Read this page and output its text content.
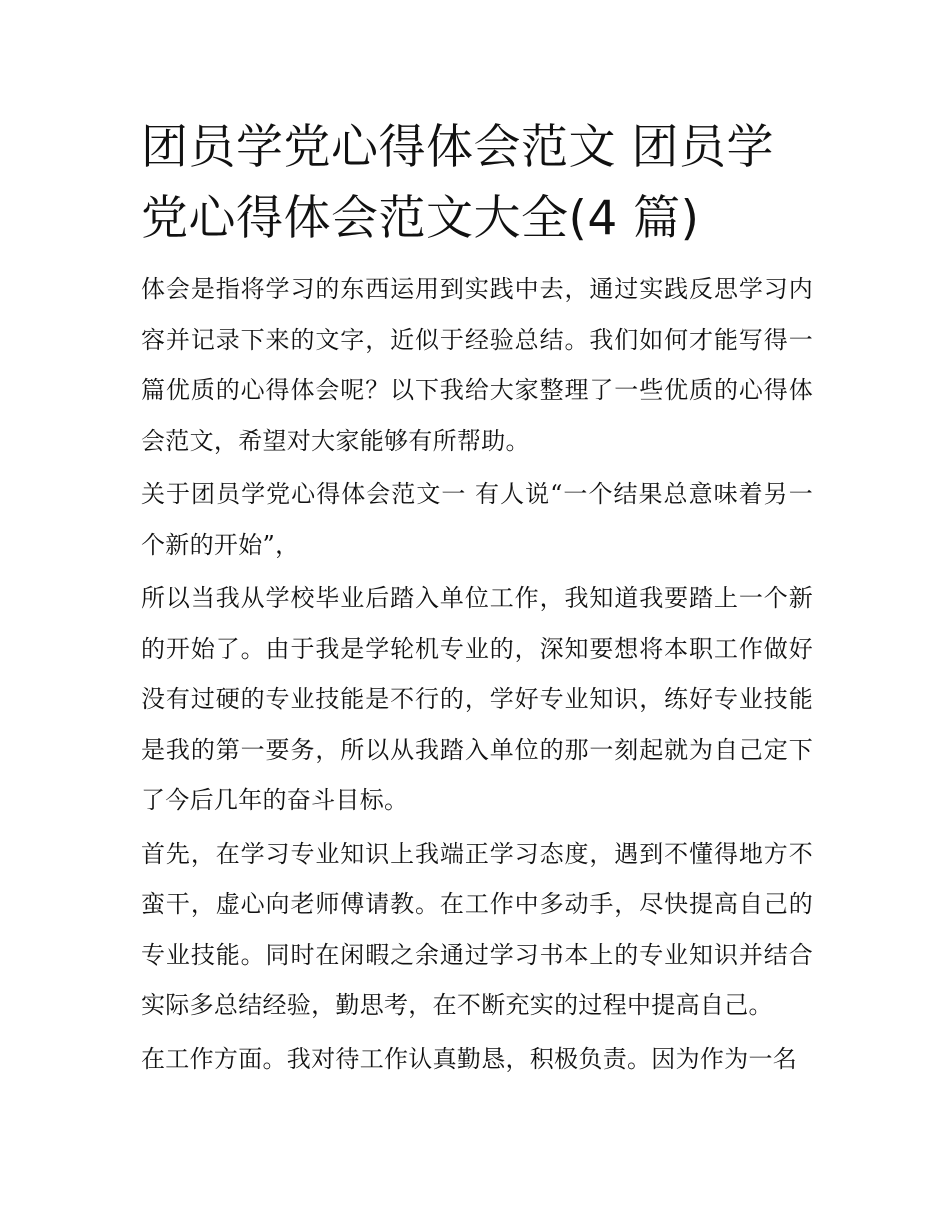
团员学党心得体会范文 团员学党心得体会范文大全(4 篇)

体会是指将学习的东西运用到实践中去，通过实践反思学习内容并记录下来的文字，近似于经验总结。我们如何才能写得一篇优质的心得体会呢？以下我给大家整理了一些优质的心得体会范文，希望对大家能够有所帮助。

关于团员学党心得体会范文一 有人说“一个结果总意味着另一个新的开始”，

所以当我从学校毕业后踏入单位工作，我知道我要踏上一个新的开始了。由于我是学轮机专业的，深知要想将本职工作做好没有过硬的专业技能是不行的，学好专业知识，练好专业技能是我的第一要务，所以从我踏入单位的那一刻起就为自己定下了今后几年的奋斗目标。

首先，在学习专业知识上我端正学习态度，遇到不懂得地方不蛮干，虚心向老师傅请教。在工作中多动手，尽快提高自己的专业技能。同时在闲暇之余通过学习书本上的专业知识并结合实际多总结经验，勤思考，在不断充实的过程中提高自己。

在工作方面。我对待工作认真勤恳，积极负责。因为作为一名
